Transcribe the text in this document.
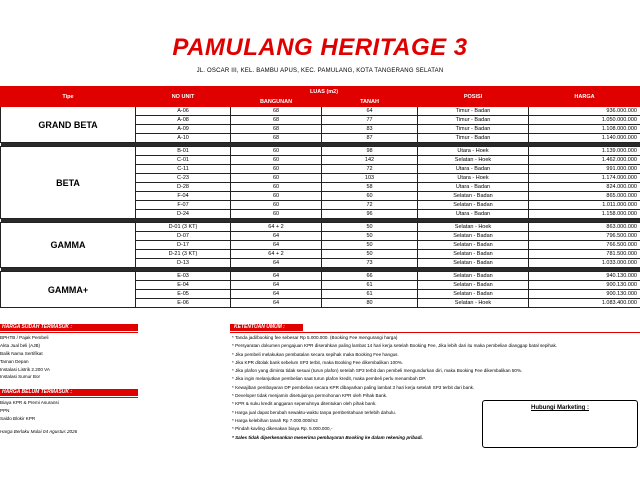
PAMULANG HERITAGE 3
JL. OSCAR III, KEL. BAMBU APUS, KEC. PAMULANG, KOTA TANGERANG SELATAN
Tipe	NO UNIT	LUAS (m2)		POSISI	HARGA
		BANGUNAN	TANAH		
GRAND BETA	A-06	68	64	Timur - Badan	936.000.000
	A-08	68	77	Timur - Badan	1.050.000.000
	A-09	68	83	Timur - Badan	1.108.000.000
	A-10	68	87	Timur - Badan	1.140.000.000

BETA	B-01	60	98	Utara - Hoek	1.139.000.000
	C-01	60	142	Selatan - Hoek	1.462.000.000
	C-11	60	72	Utara - Badan	991.000.000
	C-23	60	103	Utara - Hoek	1.174.000.000
	D-28	60	58	Utara - Badan	824.000.000
	F-04	60	60	Selatan - Badan	865.000.000
	F-07	60	72	Selatan - Badan	1.011.000.000
	D-24	60	96	Utara - Badan	1.158.000.000

GAMMA	D-01 (3 KT)	64 + 2	50	Selatan - Hoek	863.000.000
	D-07	64	50	Selatan - Badan	796.500.000
	D-17	64	50	Selatan - Badan	766.500.000
	D-21 (3 KT)	64 + 2	50	Selatan - Badan	781.500.000
	D-13	64	73	Selatan - Badan	1.033.000.000

GAMMA+	E-03	64	66	Selatan - Badan	940.130.000
	E-04	64	61	Selatan - Badan	900.130.000
	E-05	64	61	Selatan - Badan	900.130.000
	E-06	64	80	Selatan - Hoek	1.083.400.000
HARGA SUDAH TERMASUK :
BPHTB / Pajak Pembeli
Akta Jual beli (AJB)
Balik Nama Sertifikat
Taman Depan
Instalasi Listrik 2.200 VA
Instalasi Sumur Bor
Harga Berlaku Mulai 04 Agustus 2026
HARGA BELUM TERMASUK :
Biaya KPR & Premi Asuransi
PPN
Saldo Blokir KPR
KETENTUAN UMUM :
* Tanda jadi/booking fee sebesar Rp 5.000.000. (Booking Fee mengurangi harga)
* Persyaratan dokumen pengajuan KPR diserahkan paling lambat 14 hari kerja setelah Booking Fee, Jika lebih dari itu maka pembelian dianggap batal sepihak.
* Jika pembeli melakukan pembatalan secara sepihak maka Booking Fee hangus.
* Jika KPR ditolak bank sebelum SP3 terbit, maka Booking Fee dikembalikan 100%.
* Jika plafon yang diminta tidak sesuai (turun plafon) setelah SP3 terbit dan pembeli mengundurkan diri, maka Booking Fee dikembalikan 50%.
* Jika ingin melanjutkan pembelian saat turun plafon kredit, maka pembeli perlu menambah DP.
* Kewajiban pembayaran DP pembelian secara KPR dibayarkan paling lambat 3 hari kerja setelah SP3 terbit dari bank.
* Developer tidak menjamin disetujuinya permohonan KPR oleh Pihak Bank.
* KPR & suku kredit anggaran sepenuhnya ditentukan oleh pihak bank.
* Harga jual dapat berubah sewaktu-waktu tanpa pemberitahuan terlebih dahulu.
* Harga kelebihan tanah Rp 7.000.000/m2
* Pindah kavling dikenakan biaya Rp. 5.000.000,-
* Sales tidak diperkenankan menerima pembayaran Booking ke dalam rekening pribadi.
Hubungi Marketing :
